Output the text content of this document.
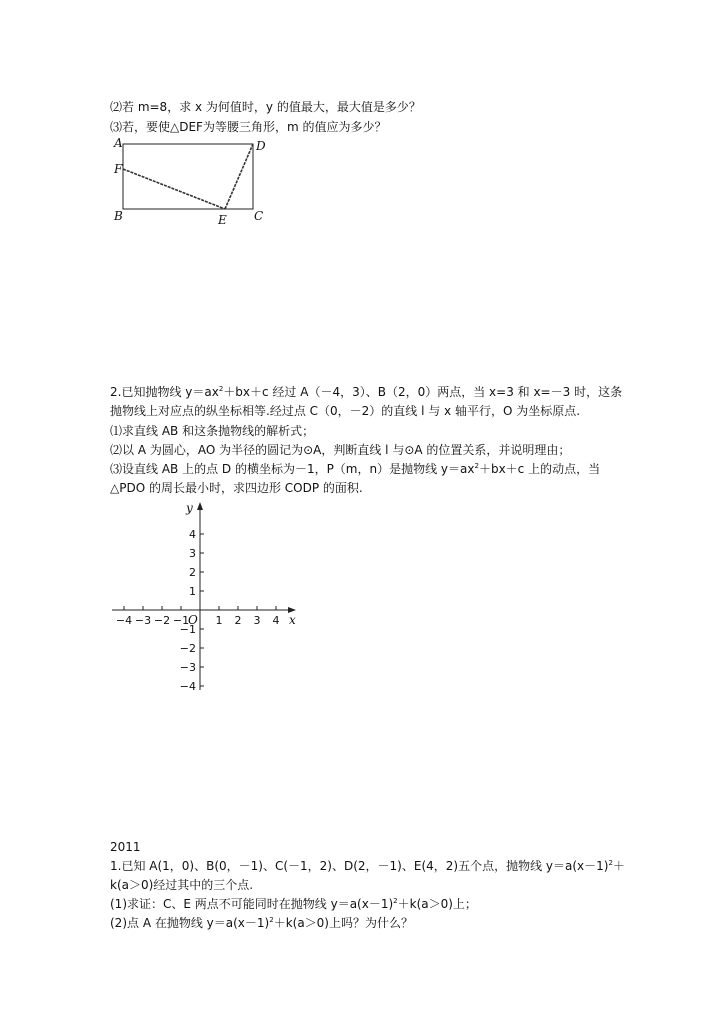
⑵若 m=8，求 x 为何值时，y 的值最大，最大值是多少？
⑶若，要使△DEF为等腰三角形，m 的值应为多少？
A	D
F
B	E C
2.已知抛物线 $y=ax^2+bx+c$ 经过 A（－4，3）、B（2，0）两点，当 x=3 和 x=－3 时，这条
抛物线上对应点的纵坐标相等.经过点 C（0，－2）的直线 l 与 x 轴平行，O 为坐标原点.
⑴求直线 AB 和这条抛物线的解析式；
⑵以 A 为圆心，AO 为半径的圆记为⊙A，判断直线 l 与⊙A 的位置关系，并说明理由；
⑶设直线 AB 上的点 D 的横坐标为－1，P（m，n）是抛物线 $y=ax^2+bx+c$ 上的动点，当
△PDO 的周长最小时，求四边形 CODP 的面积.
y
x
O
−4 −3 −2 −1 1 2 3 4
4
3
2
1
−1
−2
−3
−4
2011
1.已知 A(1，0)、B(0，－1)、C(－1，2)、D(2，－1)、E(4，2)五个点，抛物线 $y=a(x-1)^2+$
k(a＞0)经过其中的三个点.
(1)求证：C、E 两点不可能同时在抛物线 $y=a(x-1)^2+k(a>0)$上；
(2)点 A 在抛物线 $y=a(x-1)^2+k(a>0)$上吗？为什么？
